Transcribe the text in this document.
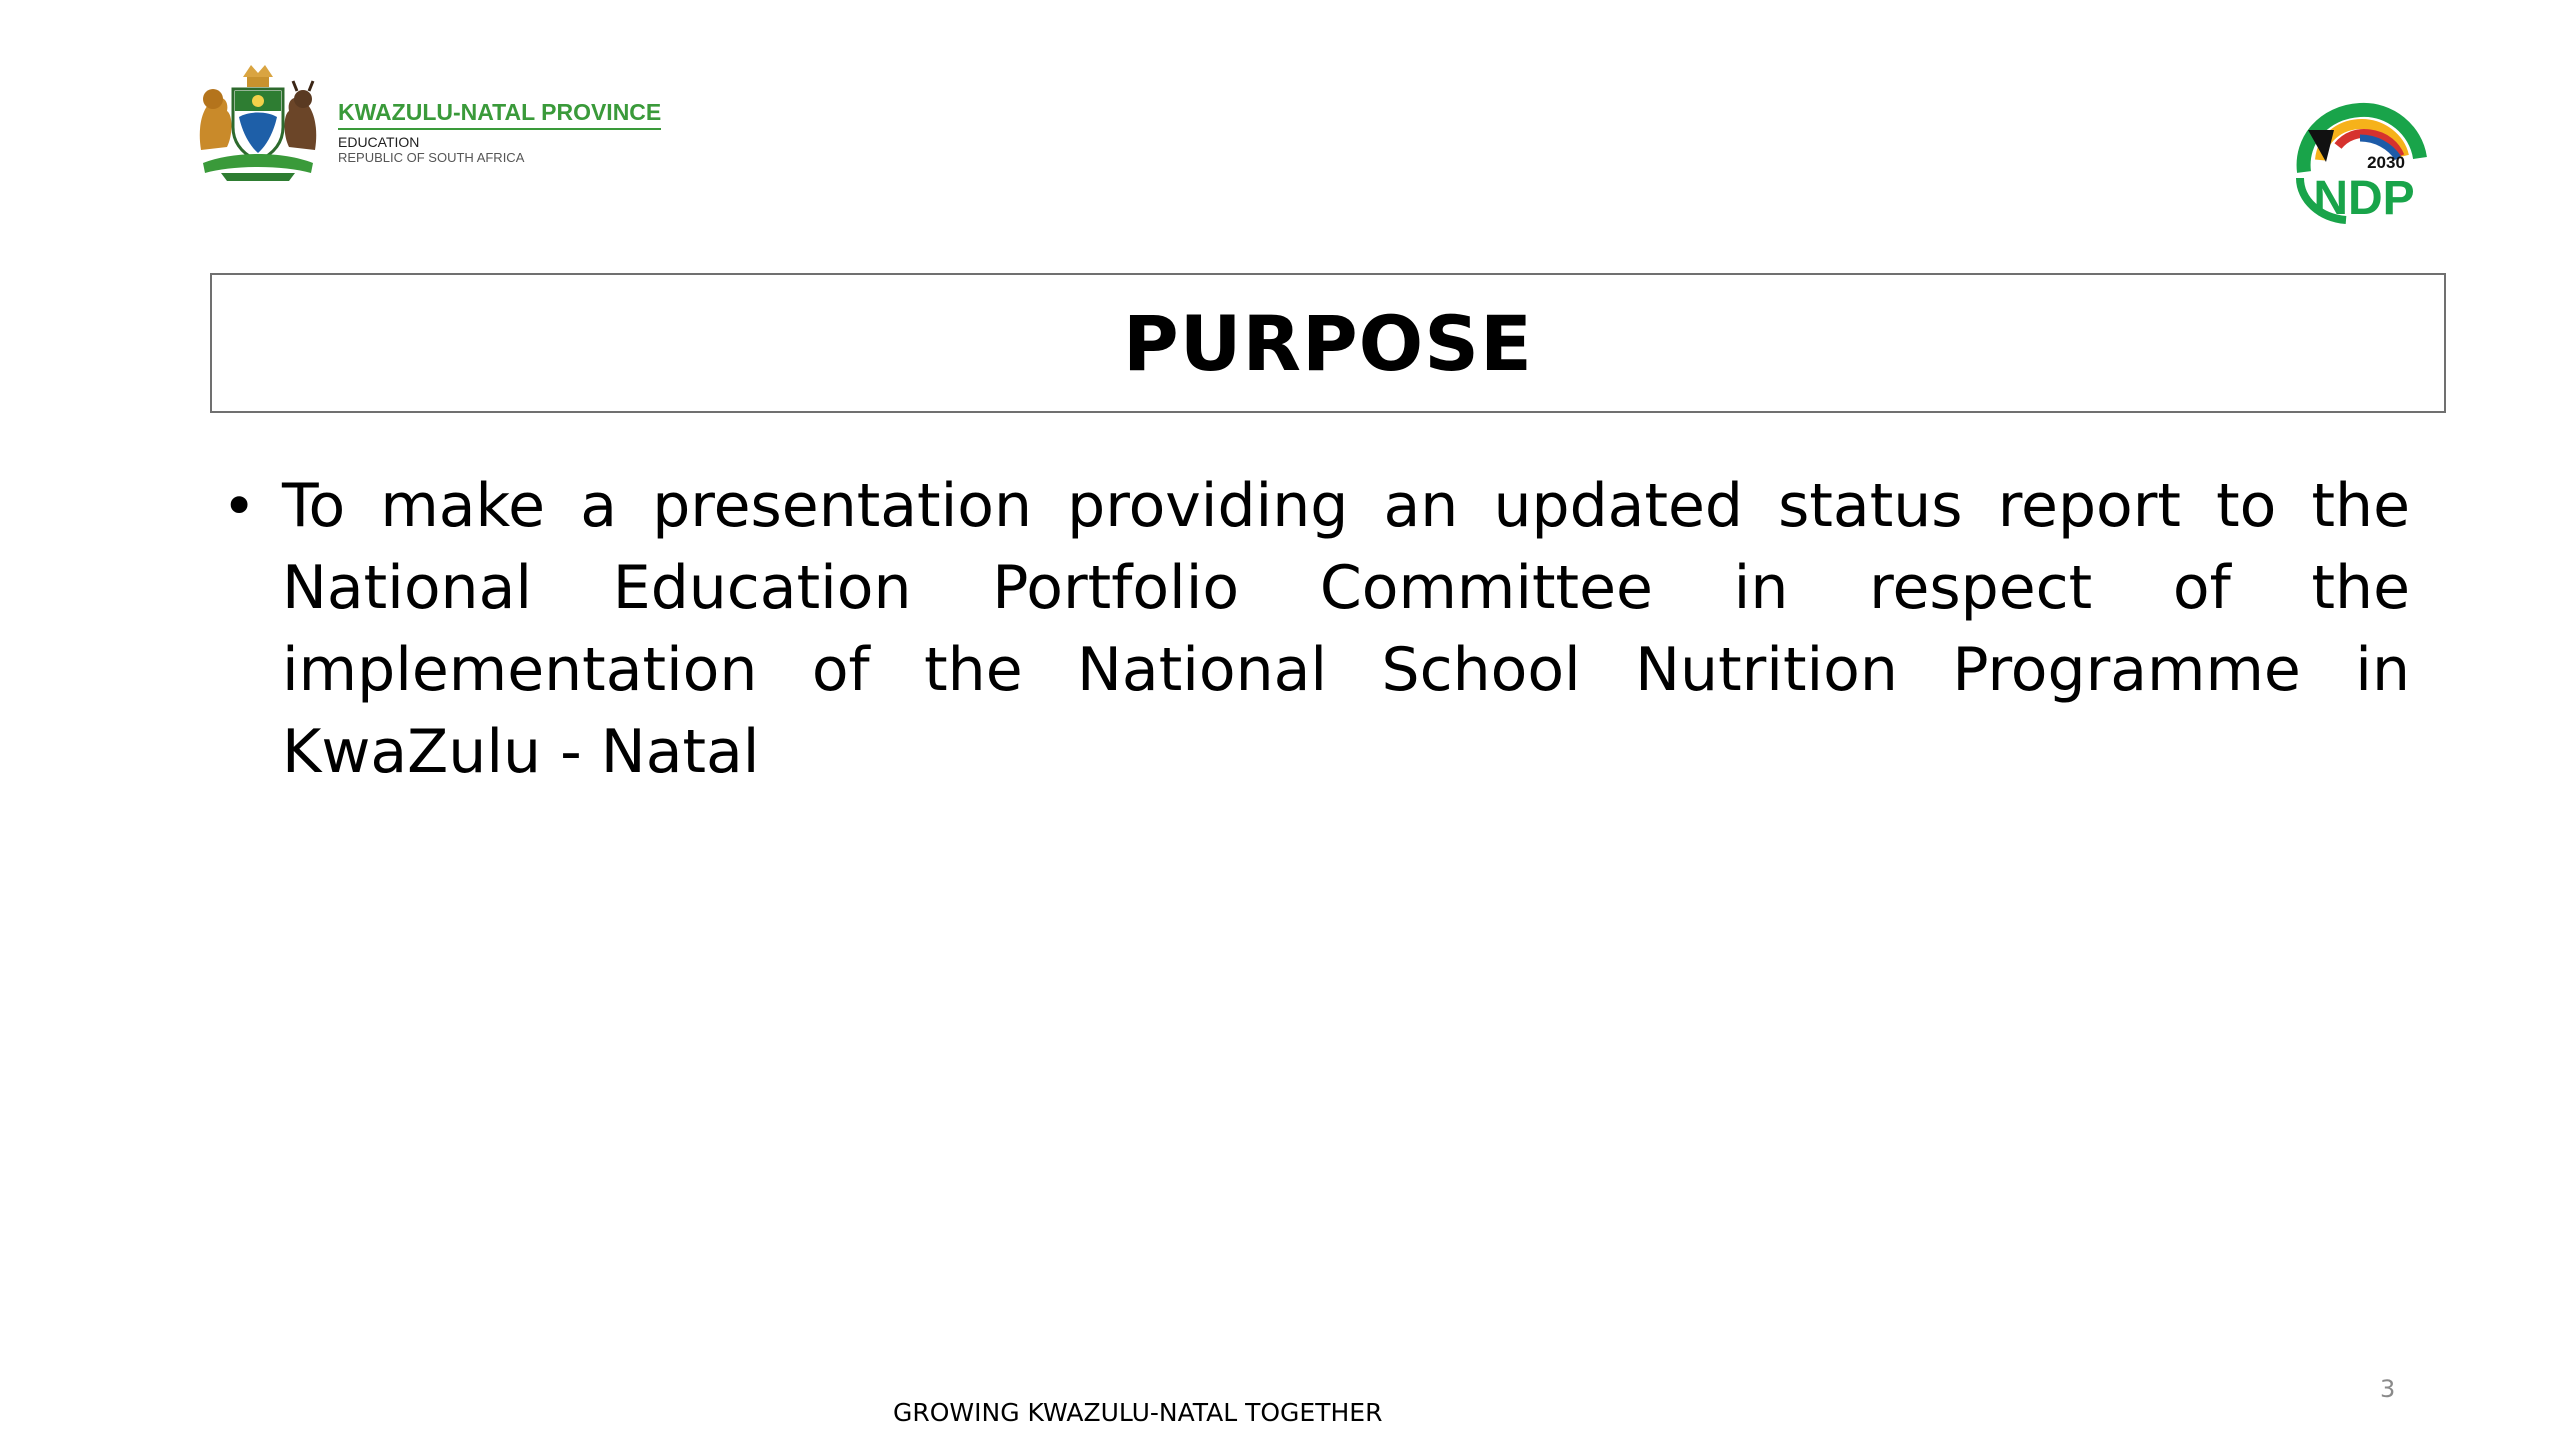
KWAZULU-NATAL PROVINCE
EDUCATION
REPUBLIC OF SOUTH AFRICA	2030
NDP
PURPOSE
• To make a presentation providing an updated status report to the National Education Portfolio Committee in respect of the implementation of the National School Nutrition Programme in KwaZulu - Natal
GROWING KWAZULU-NATAL TOGETHER
3
